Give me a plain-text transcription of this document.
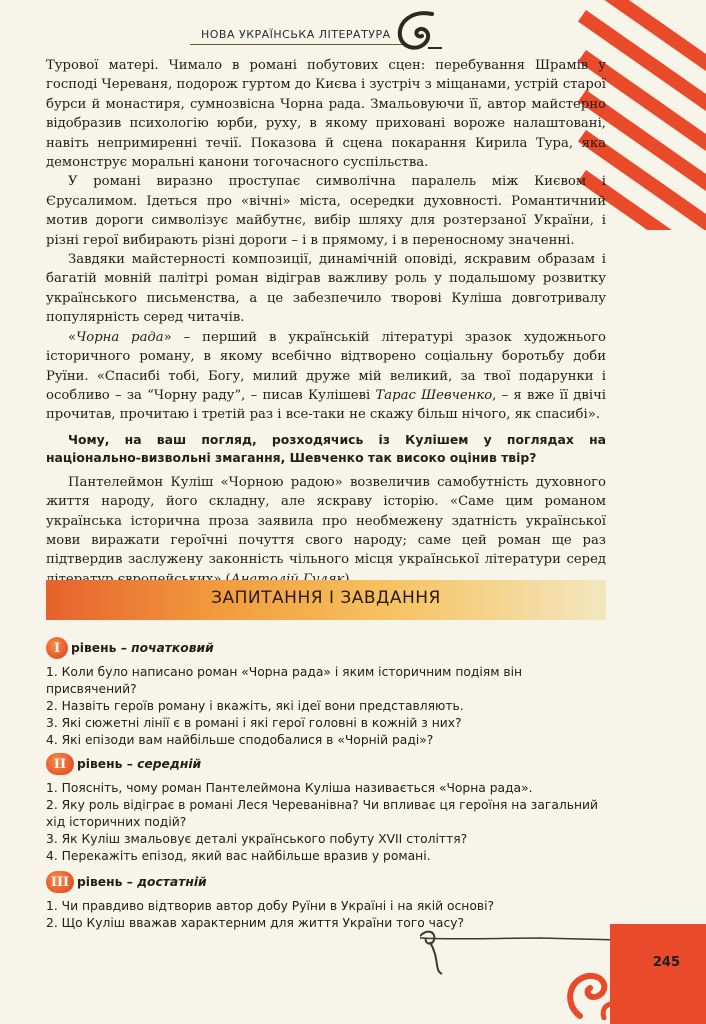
НОВА УКРАЇНСЬКА ЛІТЕРАТУРА

Турової матері. Чимало в романі побутових сцен: перебування Шрамів у господі Череваня, подорож гуртом до Києва і зустріч з міщанами, устрій старої бурси й монастиря, сумнозвісна Чорна рада. Змальовуючи її, автор майстерно відобразив психологію юрби, руху, в якому приховані вороже налаштовані, навіть непримиренні течії. Показова й сцена покарання Кирила Тура, яка демонструє моральні канони тогочасного суспільства.

У романі виразно проступає символічна паралель між Києвом і Єрусалимом. Ідеться про «вічні» міста, осередки духовності. Романтичний мотив дороги символізує майбутнє, вибір шляху для розтерзаної України, і різні герої вибирають різні дороги – і в прямому, і в переносному значенні.

Завдяки майстерності композиції, динамічній оповіді, яскравим образам і багатій мовній палітрі роман відіграв важливу роль у подальшому розвитку українського письменства, а це забезпечило творові Куліша довготривалу популярність серед читачів.

«Чорна рада» – перший в українській літературі зразок художнього історичного роману, в якому всебічно відтворено соціальну боротьбу доби Руїни. «Спасибі тобі, Богу, милий друже мій великий, за твої подарунки і особливо – за “Чорну раду”, – писав Кулішеві Тарас Шевченко, – я вже її двічі прочитав, прочитаю і третій раз і все-таки не скажу більш нічого, як спасибі».

Чому, на ваш погляд, розходячись із Кулішем у поглядах на національно-визвольні змагання, Шевченко так високо оцінив твір?

Пантелеймон Куліш «Чорною радою» возвеличив самобутність духовного життя народу, його складну, але яскраву історію. «Саме цим романом українська історична проза заявила про необмежену здатність української мови виражати героїчні почуття свого народу; саме цей роман ще раз підтвердив заслужену законність чільного місця української літератури серед

ЗАПИТАННЯ І ЗАВДАННЯ
I рівень –
початковий
1. Коли було написано роман «Чорна рада» і яким історичним подіям він присвячений?
2. Назвіть героїв роману і вкажіть, які ідеї вони представляють.
3. Які сюжетні лінії є в романі і які герої головні в кожній з них?
4. Які епізоди вам найбільше сподобалися в «Чорній раді»?
II рівень –
середній
1. Поясніть, чому роман Пантелеймона Куліша називається «Чорна рада».
2. Яку роль відіграє в романі Леся Череванівна? Чи впливає ця героїня на загальний хід історичних подій?
3. Як Куліш змальовує деталі українського побуту XVII століття?
4. Перекажіть епізод, який вас найбільше вразив у романі.
III рівень –
достатній
1. Чи правдиво відтворив автор добу Руїни в Україні і на якій основі?
2. Що Куліш вважав характерним для життя України того часу?
245
